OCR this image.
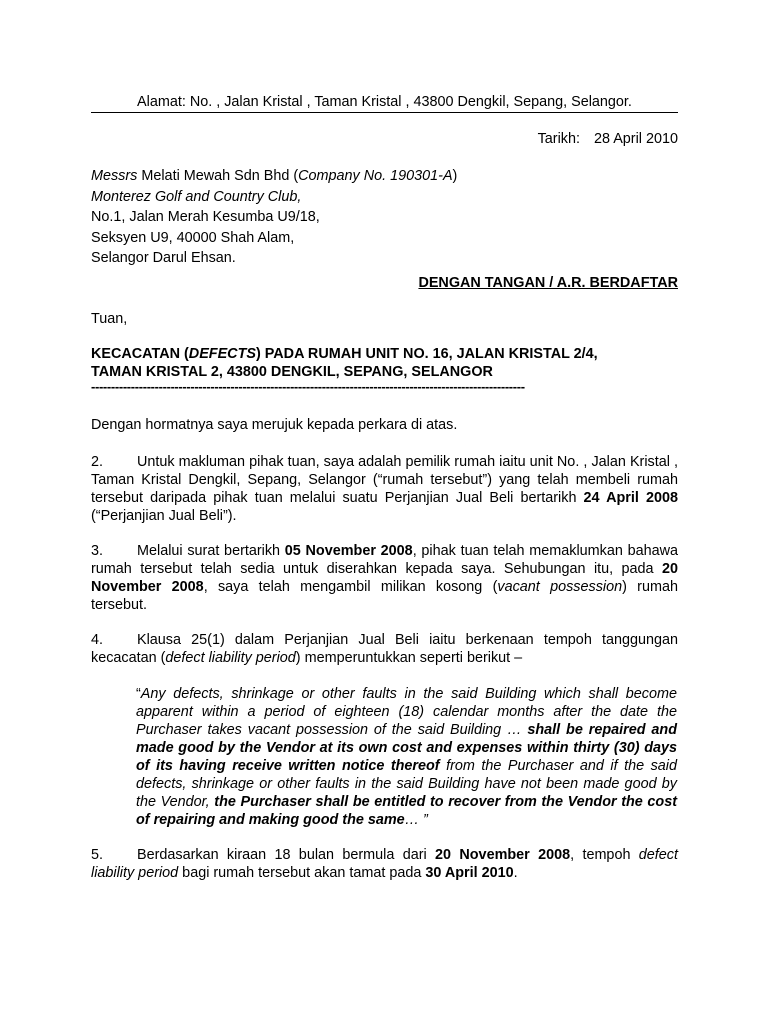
Alamat: No. , Jalan Kristal , Taman Kristal , 43800 Dengkil, Sepang, Selangor.
Tarikh: 28 April 2010
Messrs Melati Mewah Sdn Bhd (Company No. 190301-A)
Monterez Golf and Country Club,
No.1, Jalan Merah Kesumba U9/18,
Seksyen U9, 40000 Shah Alam,
Selangor Darul Ehsan.
DENGAN TANGAN / A.R. BERDAFTAR
Tuan,
KECACATAN (DEFECTS) PADA RUMAH UNIT NO. 16, JALAN KRISTAL 2/4,
TAMAN KRISTAL 2, 43800 DENGKIL, SEPANG, SELANGOR
-------------------------------------------------------------------------------------------------------------
Dengan hormatnya saya merujuk kepada perkara di atas.
2. Untuk makluman pihak tuan, saya adalah pemilik rumah iaitu unit No. , Jalan Kristal , Taman Kristal Dengkil, Sepang, Selangor (“rumah tersebut”) yang telah membeli rumah tersebut daripada pihak tuan melalui suatu Perjanjian Jual Beli bertarikh 24 April 2008 (“Perjanjian Jual Beli”).
3. Melalui surat bertarikh 05 November 2008, pihak tuan telah memaklumkan bahawa rumah tersebut telah sedia untuk diserahkan kepada saya. Sehubungan itu, pada 20 November 2008, saya telah mengambil milikan kosong (vacant possession) rumah tersebut.
4. Klausa 25(1) dalam Perjanjian Jual Beli iaitu berkenaan tempoh tanggungan kecacatan (defect liability period) memperuntukkan seperti berikut –
“Any defects, shrinkage or other faults in the said Building which shall become apparent within a period of eighteen (18) calendar months after the date the Purchaser takes vacant possession of the said Building … shall be repaired and made good by the Vendor at its own cost and expenses within thirty (30) days of its having receive written notice thereof from the Purchaser and if the said defects, shrinkage or other faults in the said Building have not been made good by the Vendor, the Purchaser shall be entitled to recover from the Vendor the cost of repairing and making good the same… ”
5. Berdasarkan kiraan 18 bulan bermula dari 20 November 2008, tempoh defect liability period bagi rumah tersebut akan tamat pada 30 April 2010.
